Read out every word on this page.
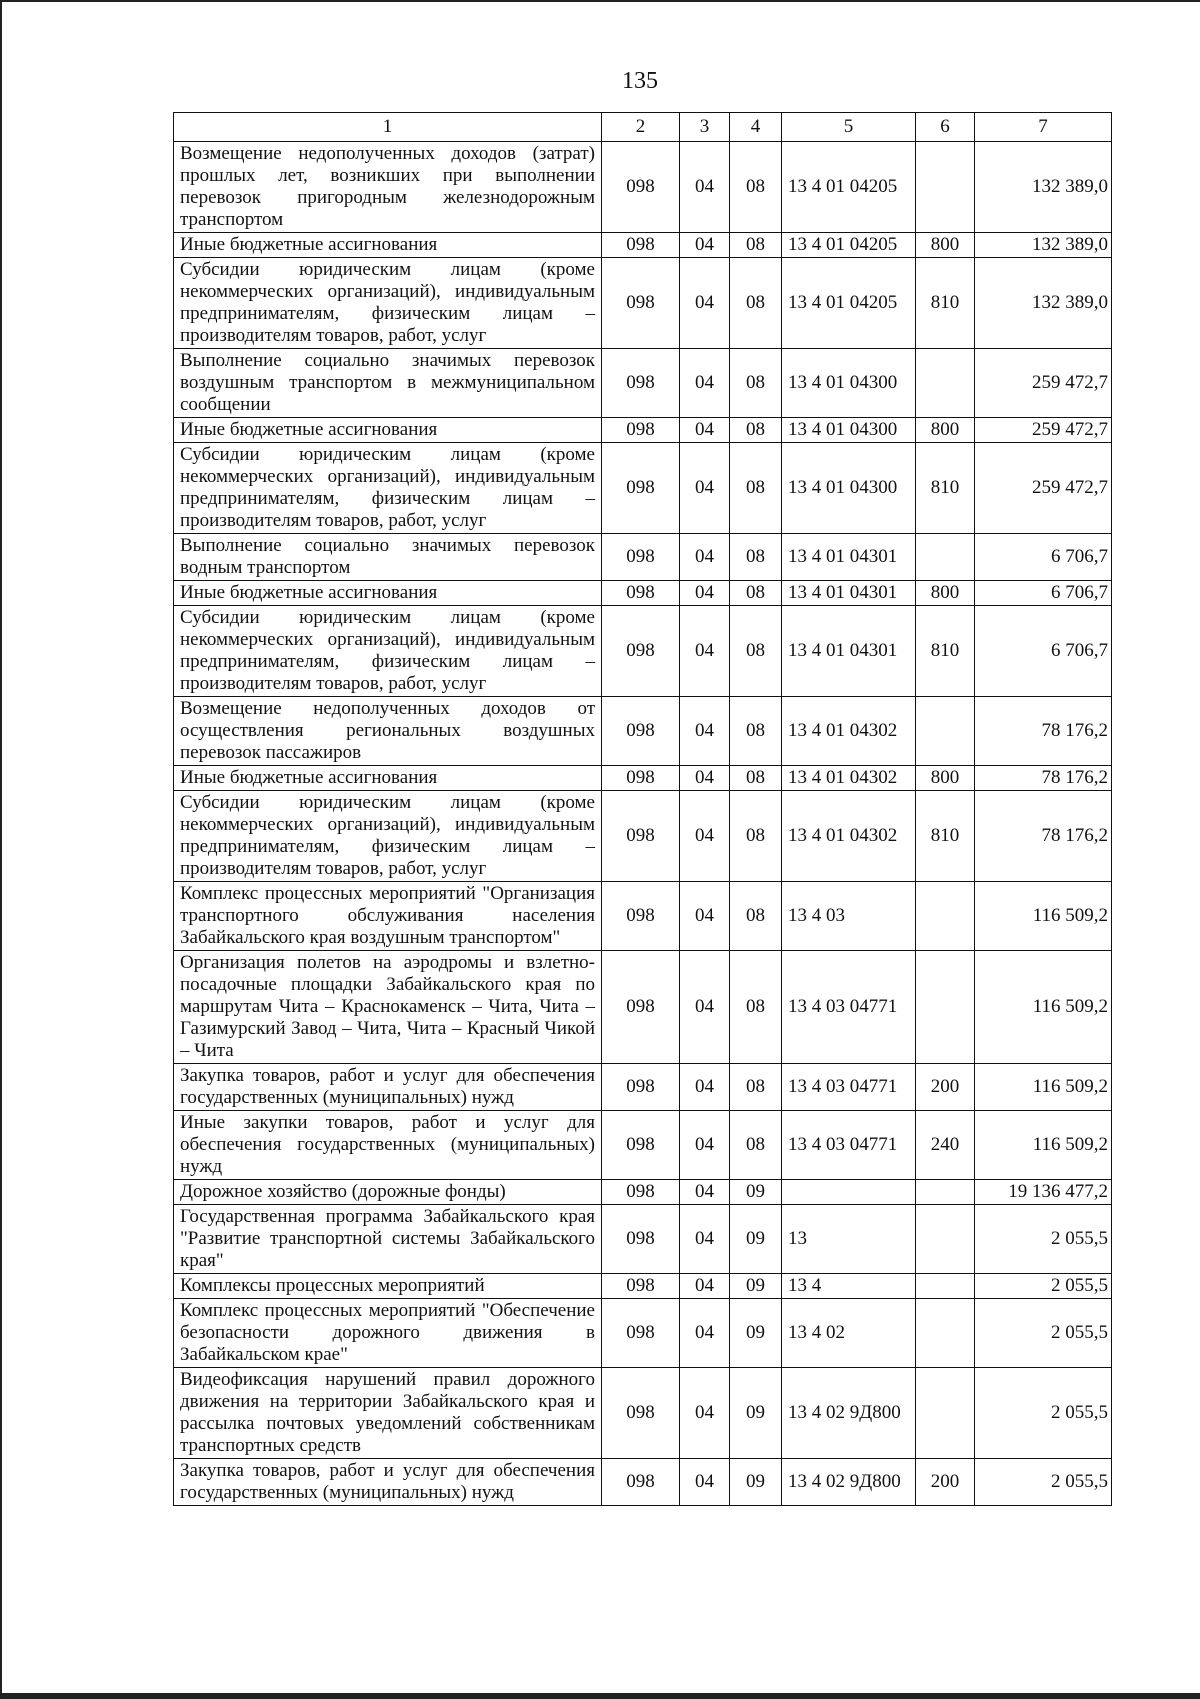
135
1	2	3	4	5	6	7
Возмещение недополученных доходов (затрат) прошлых лет, возникших при выполнении перевозок пригородным железнодорожным транспортом	098	04	08	13 4 01 04205		132 389,0
Иные бюджетные ассигнования	098	04	08	13 4 01 04205	800	132 389,0
Субсидии юридическим лицам (кроме некоммерческих организаций), индивидуальным предпринимателям, физическим лицам – производителям товаров, работ, услуг	098	04	08	13 4 01 04205	810	132 389,0
Выполнение социально значимых перевозок воздушным транспортом в межмуниципальном сообщении	098	04	08	13 4 01 04300		259 472,7
Иные бюджетные ассигнования	098	04	08	13 4 01 04300	800	259 472,7
Субсидии юридическим лицам (кроме некоммерческих организаций), индивидуальным предпринимателям, физическим лицам – производителям товаров, работ, услуг	098	04	08	13 4 01 04300	810	259 472,7
Выполнение социально значимых перевозок водным транспортом	098	04	08	13 4 01 04301		6 706,7
Иные бюджетные ассигнования	098	04	08	13 4 01 04301	800	6 706,7
Субсидии юридическим лицам (кроме некоммерческих организаций), индивидуальным предпринимателям, физическим лицам – производителям товаров, работ, услуг	098	04	08	13 4 01 04301	810	6 706,7
Возмещение недополученных доходов от осуществления региональных воздушных перевозок пассажиров	098	04	08	13 4 01 04302		78 176,2
Иные бюджетные ассигнования	098	04	08	13 4 01 04302	800	78 176,2
Субсидии юридическим лицам (кроме некоммерческих организаций), индивидуальным предпринимателям, физическим лицам – производителям товаров, работ, услуг	098	04	08	13 4 01 04302	810	78 176,2
Комплекс процессных мероприятий "Организация транспортного обслуживания населения Забайкальского края воздушным транспортом"	098	04	08	13 4 03		116 509,2
Организация полетов на аэродромы и взлетно-посадочные площадки Забайкальского края по маршрутам Чита – Краснокаменск – Чита, Чита – Газимурский Завод – Чита, Чита – Красный Чикой – Чита	098	04	08	13 4 03 04771		116 509,2
Закупка товаров, работ и услуг для обеспечения государственных (муниципальных) нужд	098	04	08	13 4 03 04771	200	116 509,2
Иные закупки товаров, работ и услуг для обеспечения государственных (муниципальных) нужд	098	04	08	13 4 03 04771	240	116 509,2
Дорожное хозяйство (дорожные фонды)	098	04	09			19 136 477,2
Государственная программа Забайкальского края "Развитие транспортной системы Забайкальского края"	098	04	09	13		2 055,5
Комплексы процессных мероприятий	098	04	09	13 4		2 055,5
Комплекс процессных мероприятий "Обеспечение безопасности дорожного движения в Забайкальском крае"	098	04	09	13 4 02		2 055,5
Видеофиксация нарушений правил дорожного движения на территории Забайкальского края и рассылка почтовых уведомлений собственникам транспортных средств	098	04	09	13 4 02 9Д800		2 055,5
Закупка товаров, работ и услуг для обеспечения государственных (муниципальных) нужд	098	04	09	13 4 02 9Д800	200	2 055,5
